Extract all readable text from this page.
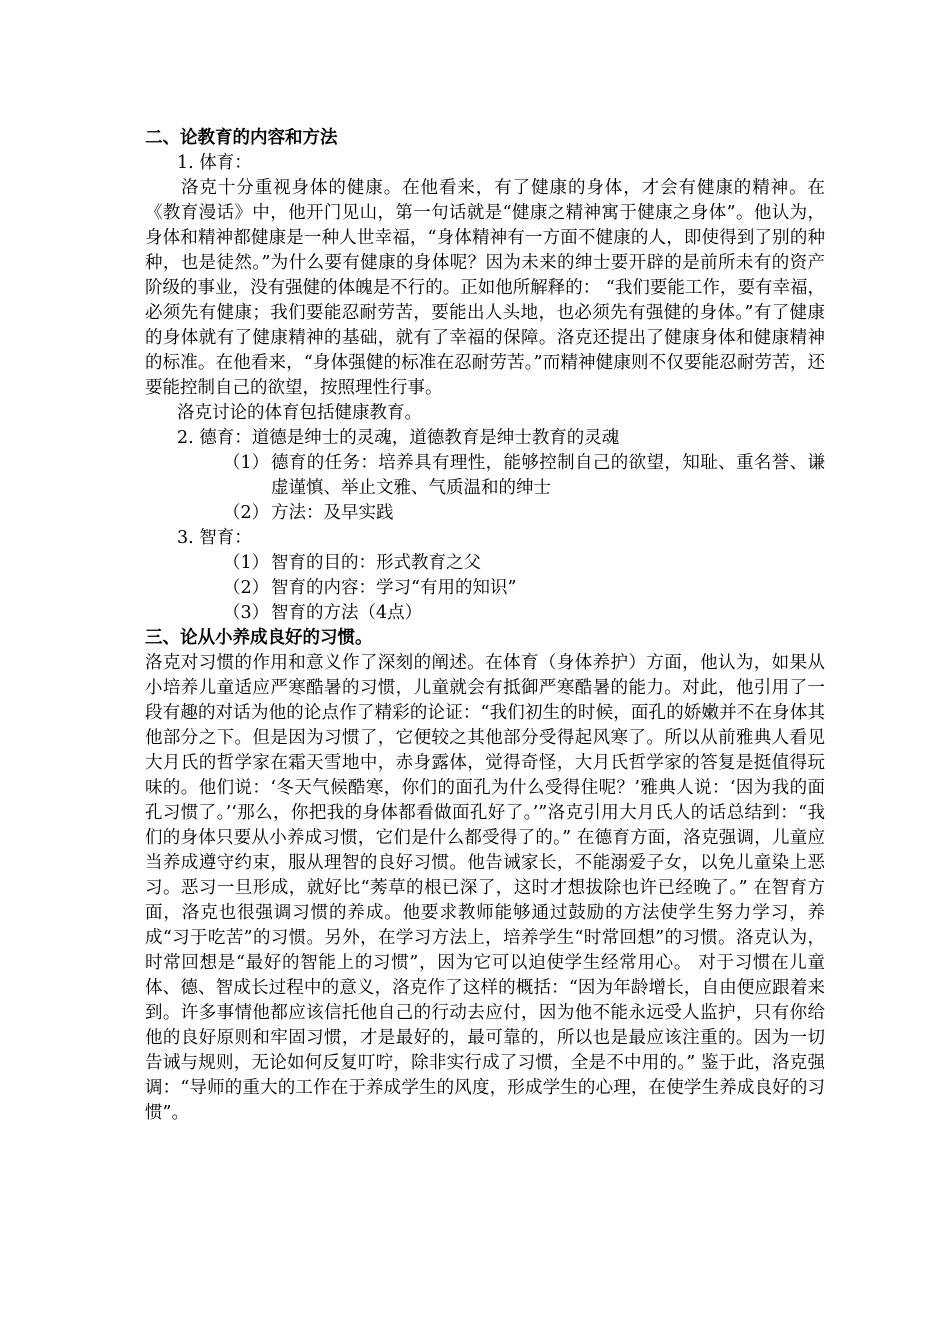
二、论教育的内容和方法

1. 体育：

洛克十分重视身体的健康。在他看来，有了健康的身体，才会有健康的精神。在《教育漫话》中，他开门见山，第一句话就是“健康之精神寓于健康之身体”。他认为，身体和精神都健康是一种人世幸福，“身体精神有一方面不健康的人，即使得到了别的种种，也是徒然。”为什么要有健康的身体呢？因为未来的绅士要开辟的是前所未有的资产阶级的事业，没有强健的体魄是不行的。正如他所解释的： “我们要能工作，要有幸福，必须先有健康；我们要能忍耐劳苦，要能出人头地，也必须先有强健的身体。”有了健康的身体就有了健康精神的基础，就有了幸福的保障。洛克还提出了健康身体和健康精神的标准。在他看来，“身体强健的标准在忍耐劳苦。”而精神健康则不仅要能忍耐劳苦，还要能控制自己的欲望，按照理性行事。

洛克讨论的体育包括健康教育。

2. 德育：道德是绅士的灵魂，道德教育是绅士教育的灵魂

（1） 德育的任务：培养具有理性，能够控制自己的欲望，知耻、重名誉、谦虚谨慎、举止文雅、气质温和的绅士
（2） 方法：及早实践

3. 智育：

（1） 智育的目的：形式教育之父
（2） 智育的内容：学习“有用的知识”
（3） 智育的方法（4点）

三、论从小养成良好的习惯。

洛克对习惯的作用和意义作了深刻的阐述。在体育（身体养护）方面，他认为，如果从小培养儿童适应严寒酷暑的习惯，儿童就会有抵御严寒酷暑的能力。对此，他引用了一段有趣的对话为他的论点作了精彩的论证：“我们初生的时候，面孔的娇嫩并不在身体其他部分之下。但是因为习惯了，它便较之其他部分受得起风寒了。所以从前雅典人看见大月氏的哲学家在霜天雪地中，赤身露体，觉得奇怪，大月氏哲学家的答复是挺值得玩味的。他们说：‘冬天气候酷寒，你们的面孔为什么受得住呢？’雅典人说：‘因为我的面孔习惯了。’‘那么，你把我的身体都看做面孔好了。’”洛克引用大月氏人的话总结到：“我们的身体只要从小养成习惯，它们是什么都受得了的。” 在德育方面，洛克强调，儿童应当养成遵守约束，服从理智的良好习惯。他告诫家长，不能溺爱子女，以免儿童染上恶习。恶习一旦形成，就好比“莠草的根已深了，这时才想拔除也许已经晚了。” 在智育方面，洛克也很强调习惯的养成。他要求教师能够通过鼓励的方法使学生努力学习，养成“习于吃苦”的习惯。另外，在学习方法上，培养学生“时常回想”的习惯。洛克认为，时常回想是“最好的智能上的习惯”，因为它可以迫使学生经常用心。 对于习惯在儿童体、德、智成长过程中的意义，洛克作了这样的概括：“因为年龄增长，自由便应跟着来到。许多事情他都应该信托他自己的行动去应付，因为他不能永远受人监护，只有你给他的良好原则和牢固习惯，才是最好的，最可靠的，所以也是最应该注重的。因为一切告诫与规则，无论如何反复叮咛，除非实行成了习惯，全是不中用的。” 鉴于此，洛克强调：“导师的重大的工作在于养成学生的风度，形成学生的心理，在使学生养成良好的习惯”。
